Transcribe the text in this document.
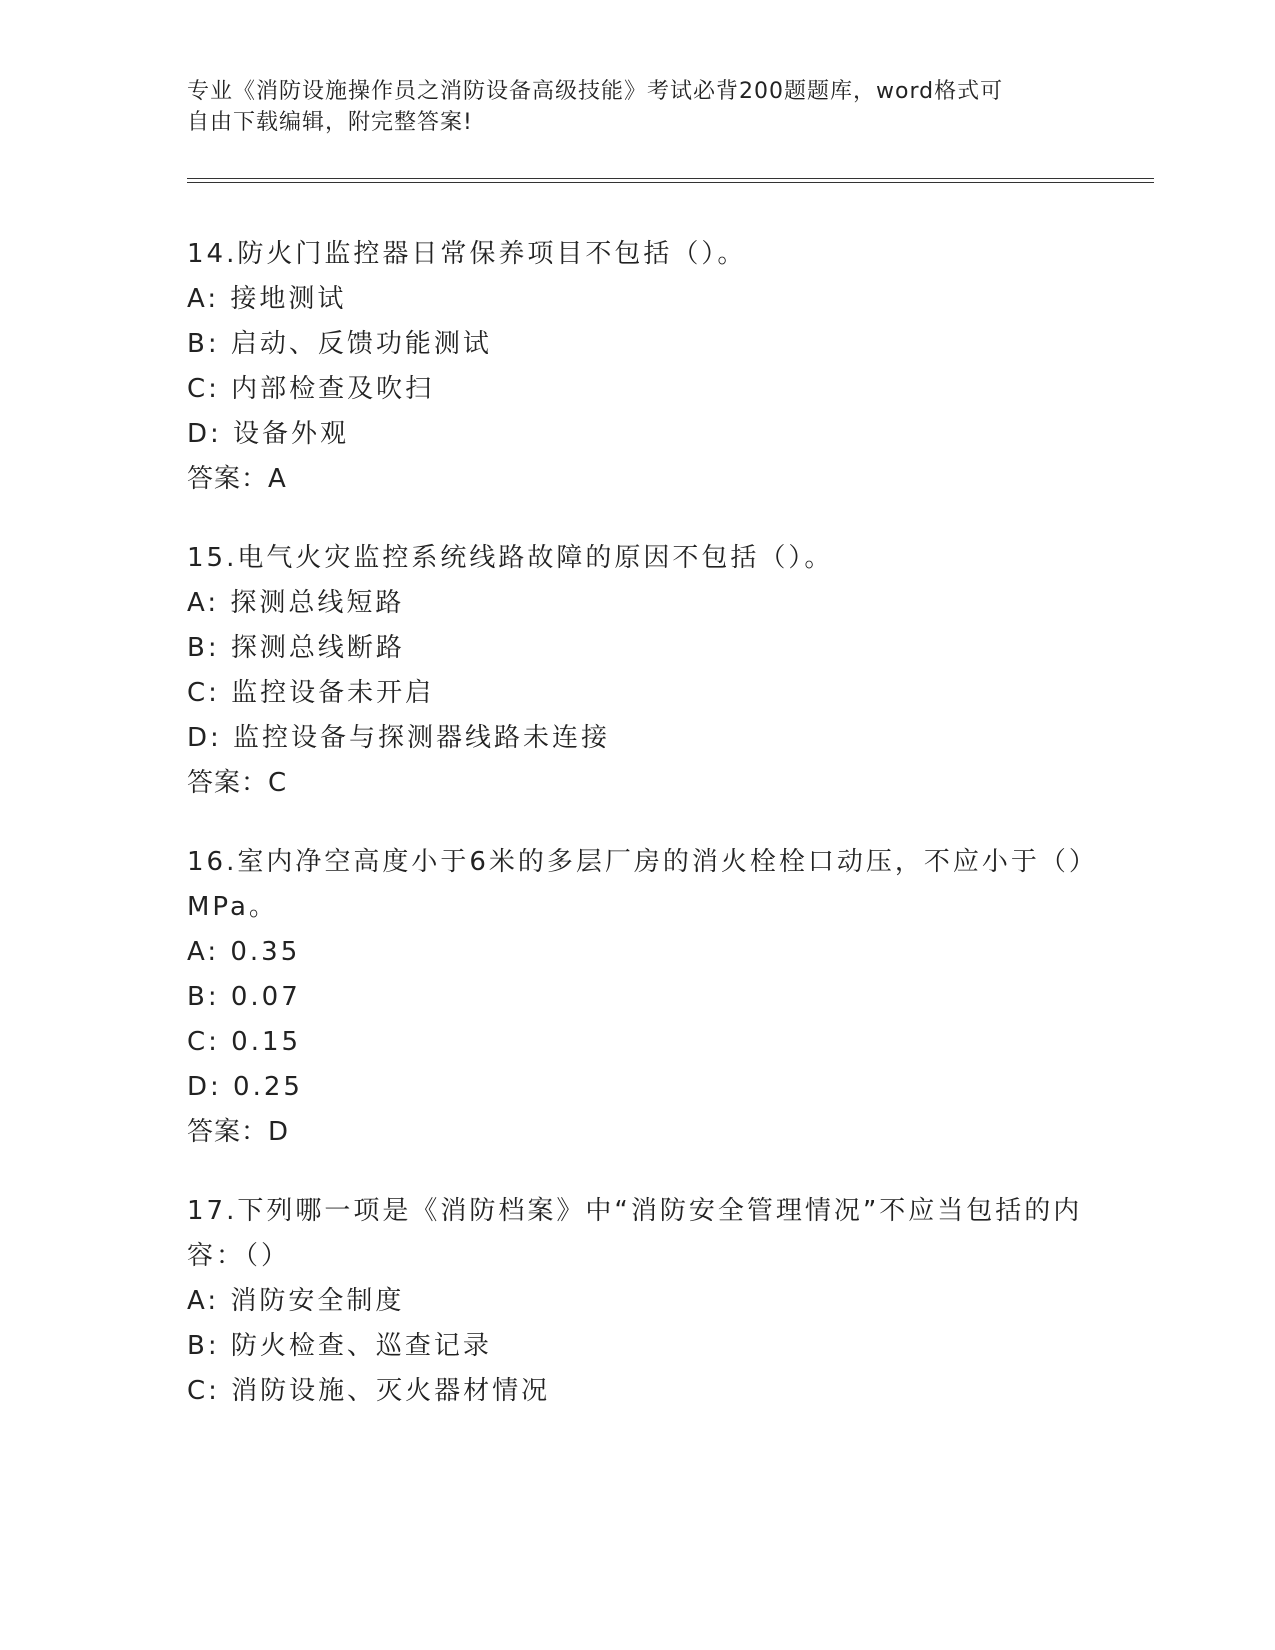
专业《消防设施操作员之消防设备高级技能》考试必背200题题库，word格式可
自由下载编辑，附完整答案!

14.防火门监控器日常保养项目不包括（）。

A: 接地测试

B: 启动、反馈功能测试

C: 内部检查及吹扫

D: 设备外观

答案：A

15.电气火灾监控系统线路故障的原因不包括（）。

A: 探测总线短路

B: 探测总线断路

C: 监控设备未开启

D: 监控设备与探测器线路未连接

答案：C

16.室内净空高度小于6米的多层厂房的消火栓栓口动压，不应小于（）MPa。

A: 0.35

B: 0.07

C: 0.15

D: 0.25

答案：D

17.下列哪一项是《消防档案》中“消防安全管理情况”不应当包括的内容：（）

A: 消防安全制度

B: 防火检查、巡查记录

C: 消防设施、灭火器材情况
